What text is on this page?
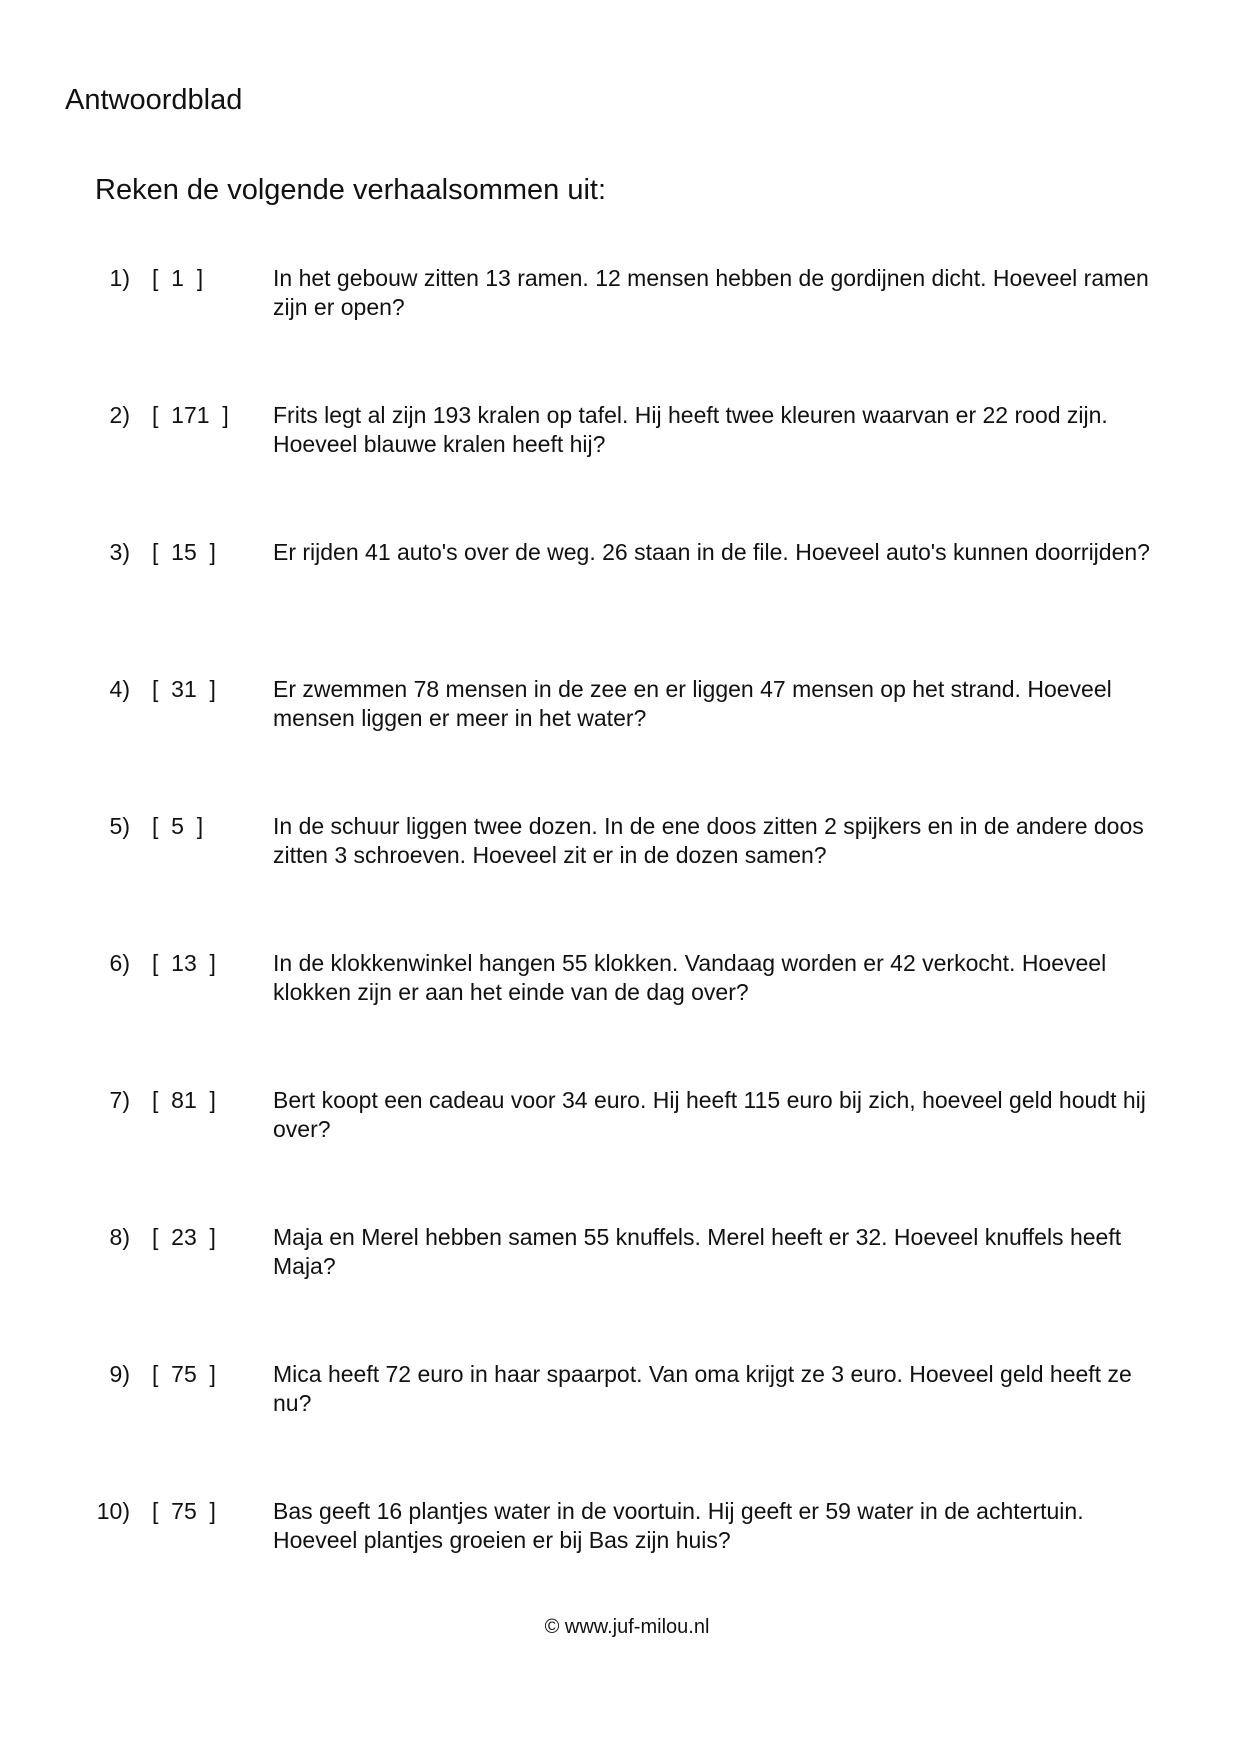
Antwoordblad
Reken de volgende verhaalsommen uit:
1) [  1  ]	In het gebouw zitten 13 ramen. 12 mensen hebben de gordijnen dicht. Hoeveel ramen zijn er open?
2) [  171  ] Frits legt al zijn 193 kralen op tafel. Hij heeft twee kleuren waarvan er 22 rood zijn. Hoeveel blauwe kralen heeft hij?
3) [  15  ] Er rijden 41 auto's over de weg. 26 staan in de file. Hoeveel auto's kunnen doorrijden?
4) [  31  ] Er zwemmen 78 mensen in de zee en er liggen 47 mensen op het strand. Hoeveel mensen liggen er meer in het water?
5) [  5  ]	In de schuur liggen twee dozen. In de ene doos zitten 2 spijkers en in de andere doos zitten 3 schroeven. Hoeveel zit er in de dozen samen?
6) [  13  ] In de klokkenwinkel hangen 55 klokken. Vandaag worden er 42 verkocht. Hoeveel klokken zijn er aan het einde van de dag over?
7) [  81  ] Bert koopt een cadeau voor 34 euro. Hij heeft 115 euro bij zich, hoeveel geld houdt hij over?
8) [  23  ] Maja en Merel hebben samen 55 knuffels. Merel heeft er 32. Hoeveel knuffels heeft Maja?
9) [  75  ] Mica heeft 72 euro in haar spaarpot. Van oma krijgt ze 3 euro. Hoeveel geld heeft ze nu?
10) [  75  ] Bas geeft 16 plantjes water in de voortuin. Hij geeft er 59 water in de achtertuin. Hoeveel plantjes groeien er bij Bas zijn huis?
© www.juf-milou.nl
